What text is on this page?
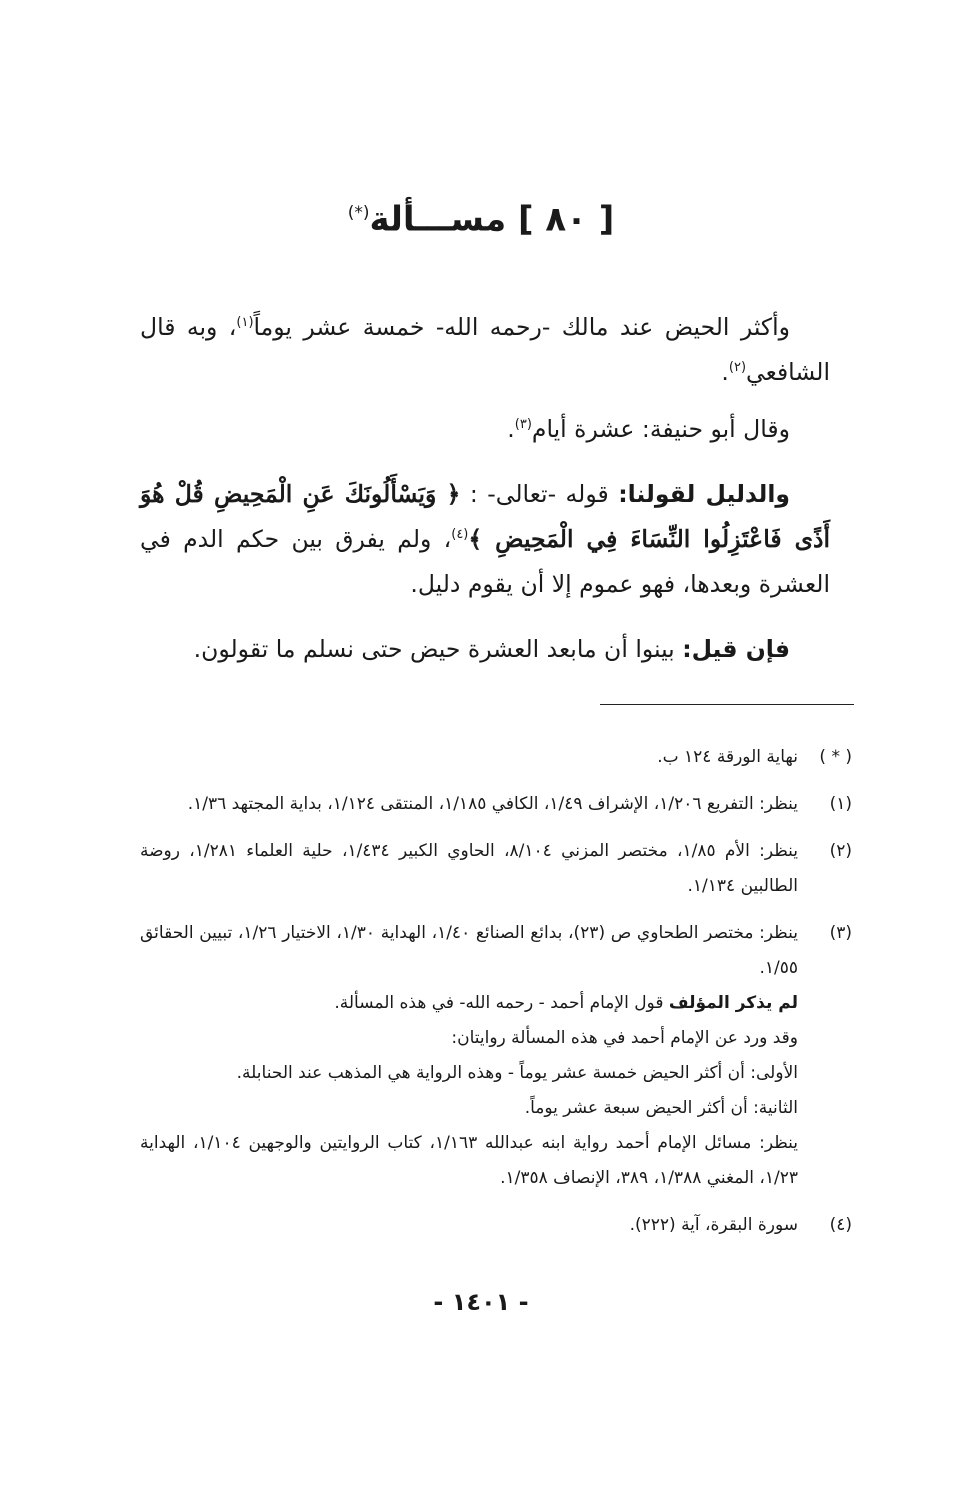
[ ٨٠ ] مســـألة(*)

وأكثر الحيض عند مالك -رحمه الله- خمسة عشر يوماً$^{(١)}$، وبه قال الشافعي$^{(٢)}$.

وقال أبو حنيفة: عشرة أيام$^{(٣)}$.

والدليل لقولنا: قوله -تعالى- : ﴿ وَيَسْأَلُونَكَ عَنِ الْمَحِيضِ قُلْ هُوَ أَذًى فَاعْتَزِلُوا النِّسَاءَ فِي الْمَحِيضِ ﴾$^{(٤)}$، ولم يفرق بين حكم الدم في العشرة وبعدها، فهو عموم إلا أن يقوم دليل.

فإن قيل: بينوا أن مابعد العشرة حيض حتى نسلم ما تقولون.

( * )
نهاية الورقة ١٢٤ ب.
(١)
ينظر: التفريع ١/٢٠٦، الإشراف ١/٤٩، الكافي ١/١٨٥، المنتقى ١/١٢٤، بداية المجتهد ١/٣٦.
(٢)
ينظر: الأم ١/٨٥، مختصر المزني ٨/١٠٤، الحاوي الكبير ١/٤٣٤، حلية العلماء ١/٢٨١، روضة الطالبين ١/١٣٤.
(٣)
ينظر: مختصر الطحاوي ص (٢٣)، بدائع الصنائع ١/٤٠، الهداية ١/٣٠، الاختيار ١/٢٦، تبيين الحقائق ١/٥٥.
لم يذكر المؤلف قول الإمام أحمد - رحمه الله- في هذه المسألة.
وقد ورد عن الإمام أحمد في هذه المسألة روايتان:
الأولى: أن أكثر الحيض خمسة عشر يوماً - وهذه الرواية هي المذهب عند الحنابلة.
الثانية: أن أكثر الحيض سبعة عشر يوماً.
ينظر: مسائل الإمام أحمد رواية ابنه عبدالله ١/١٦٣، كتاب الروايتين والوجهين ١/١٠٤، الهداية ١/٢٣، المغني ١/٣٨٨، ٣٨٩، الإنصاف ١/٣٥٨.
(٤)
سورة البقرة، آية (٢٢٢).
- ١٤٠١ -
